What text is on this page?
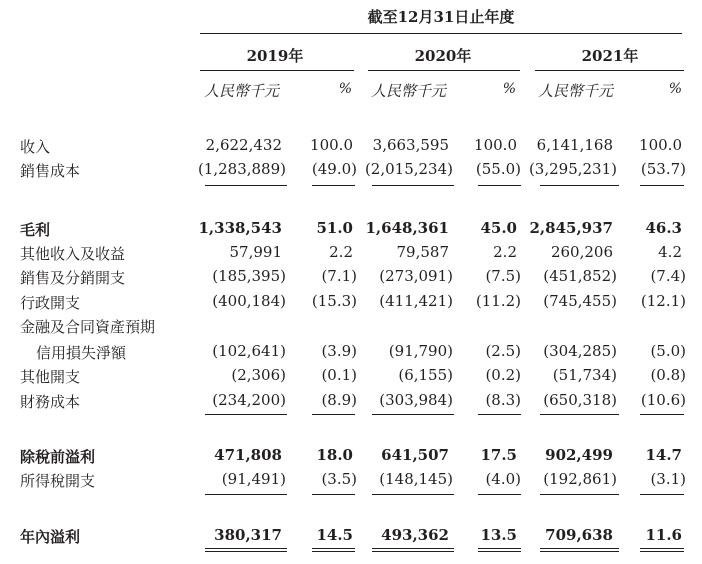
截至12月31日止年度
2019年	2020年	2021年
人民幣千元	% 人民幣千元	% 人民幣千元	%
收入	2,622,432 100.0 3,663,595 100.0 6,141,168 100.0
銷售成本	(1,283,889) (49.0) (2,015,234) (55.0) (3,295,231) (53.7)
毛利	1,338,543 51.0 1,648,361 45.0 2,845,937 46.3
其他收入及收益	57,991	2.2	79,587	2.2 260,206	4.2
銷售及分銷開支	(185,395) (7.1) (273,091) (7.5) (451,852) (7.4)
行政開支	(400,184) (15.3) (411,421) (11.2) (745,455) (12.1)
金融及合同資產預期
信用損失淨額	(102,641) (3.9) (91,790) (2.5) (304,285) (5.0)
其他開支	(2,306) (0.1)	(6,155) (0.2) (51,734) (0.8)
財務成本	(234,200) (8.9) (303,984) (8.3) (650,318) (10.6)
除稅前溢利	471,808 18.0 641,507 17.5 902,499 14.7
所得稅開支	(91,491) (3.5) (148,145) (4.0) (192,861) (3.1)
年內溢利	380,317 14.5 493,362 13.5 709,638 11.6
